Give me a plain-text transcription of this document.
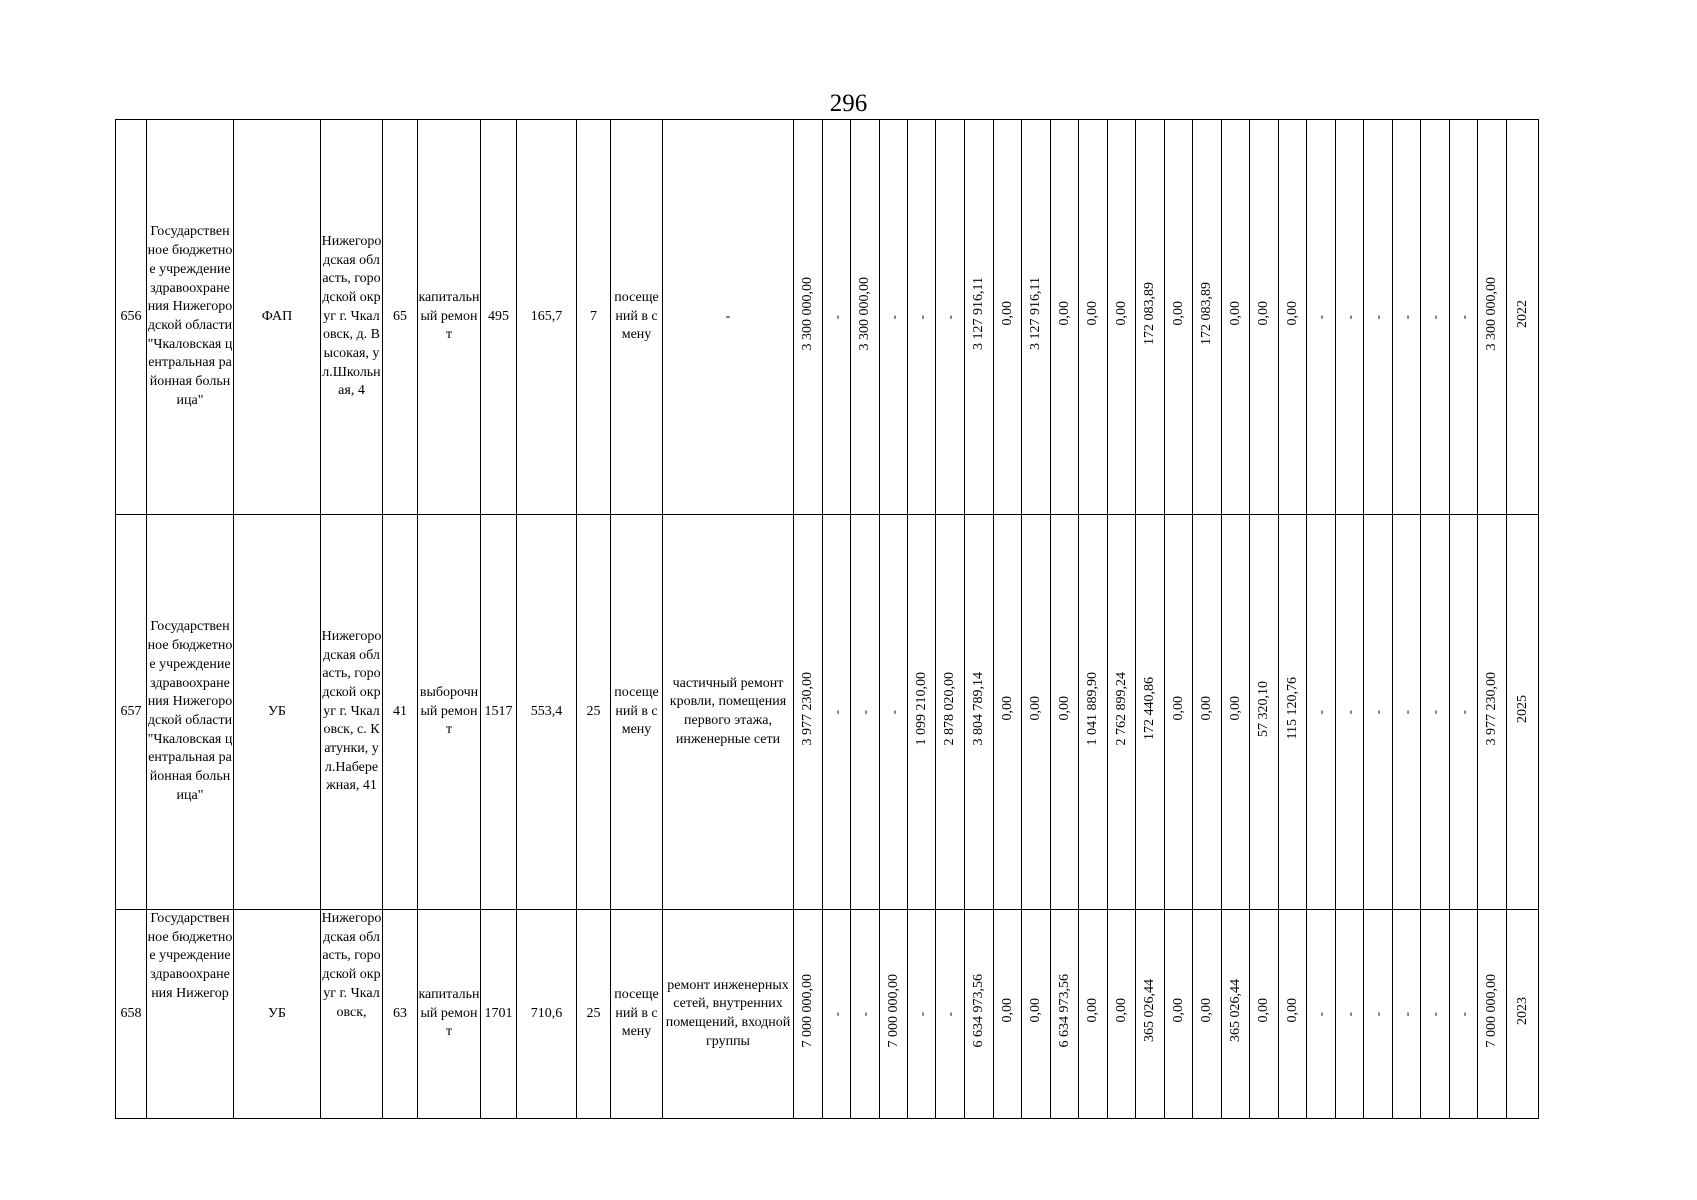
296
656	Государственное бюджетное учреждение здравоохранения Нижегородской области "Чкаловская центральная районная больница"	ФАП	Нижегородская область, городской округ г. Чкаловск, д. Высокая, ул.Школьная, 4	65	капитальный ремонт	495	165,7	7	посещений в смену	-	3 300 000,00	-	3 300 000,00	-	-	-	3 127 916,11	0,00	3 127 916,11	0,00	0,00	0,00	172 083,89	0,00	172 083,89	0,00	0,00	0,00	-	-	-	-	-	-	3 300 000,00	2022

657	Государственное бюджетное учреждение здравоохранения Нижегородской области "Чкаловская центральная районная больница"	УБ	Нижегородская область, городской округ г. Чкаловск, с. Катунки, ул.Набережная, 41	41	выборочный ремонт	1517	553,4	25	посещений в смену	частичный ремонт кровли, помещения первого этажа, инженерные сети	3 977 230,00	-	-	-	1 099 210,00	2 878 020,00	3 804 789,14	0,00	0,00	0,00	1 041 889,90	2 762 899,24	172 440,86	0,00	0,00	0,00	57 320,10	115 120,76	-	-	-	-	-	-	3 977 230,00	2025

658	Государственное бюджетное учреждение здравоохранения Нижегор	УБ	Нижегородская область, городской округ г. Чкаловск,	63	капитальный ремонт	1701	710,6	25	посещений в смену	ремонт инженерных сетей, внутренних помещений, входной группы	7 000 000,00	-	-	7 000 000,00	-	-	6 634 973,56	0,00	0,00	6 634 973,56	0,00	0,00	365 026,44	0,00	0,00	365 026,44	0,00	0,00	-	-	-	-	-	-	7 000 000,00	2023
